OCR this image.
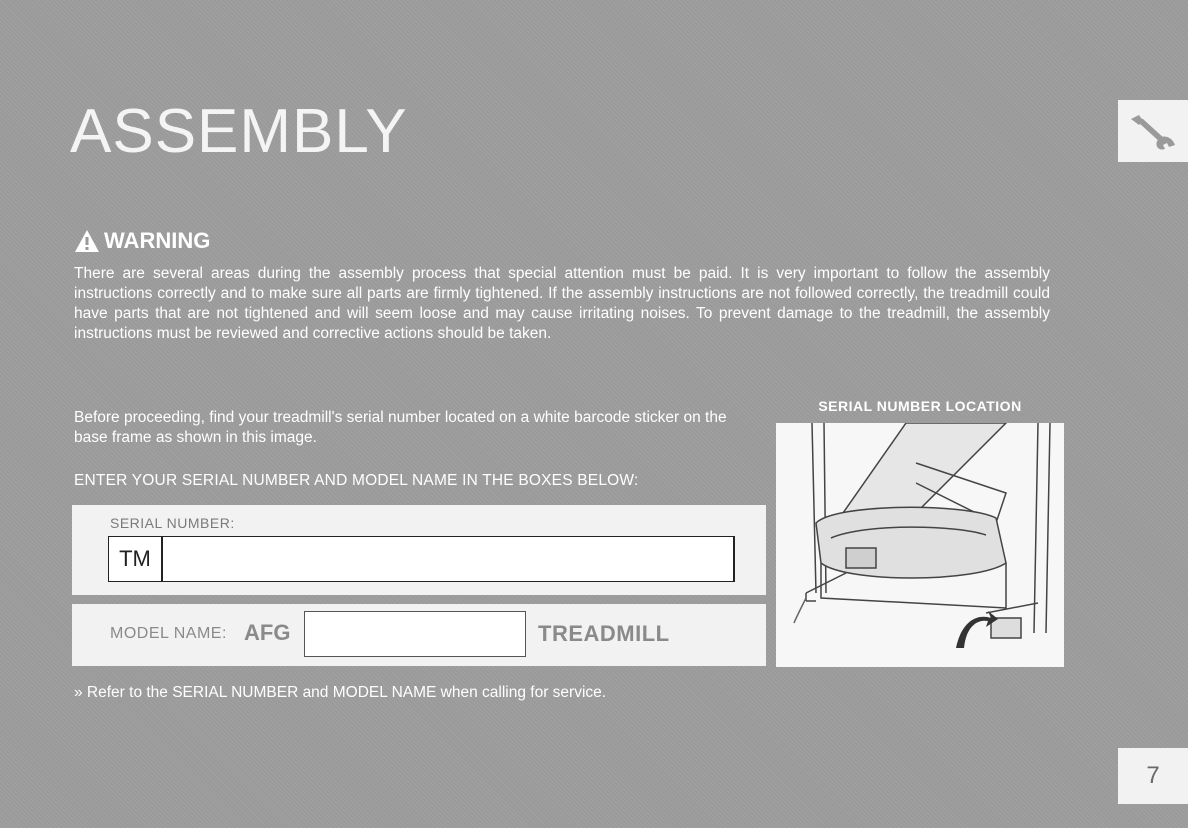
ASSEMBLY
WARNING

There are several areas during the assembly process that special attention must be paid. It is very important to follow the assembly instructions correctly and to make sure all parts are firmly tightened. If the assembly instructions are not followed correctly, the treadmill could have parts that are not tightened and will seem loose and may cause irritating noises. To prevent damage to the treadmill, the assembly instructions must be reviewed and corrective actions should be taken.

Before proceeding, find your treadmill's serial number located on a white barcode sticker on the base frame as shown in this image.

ENTER YOUR SERIAL NUMBER AND MODEL NAME IN THE BOXES BELOW:

SERIAL NUMBER:
TM
MODEL NAME: AFG	TREADMILL

» Refer to the SERIAL NUMBER and MODEL NAME when calling for service.

SERIAL NUMBER LOCATION
7
